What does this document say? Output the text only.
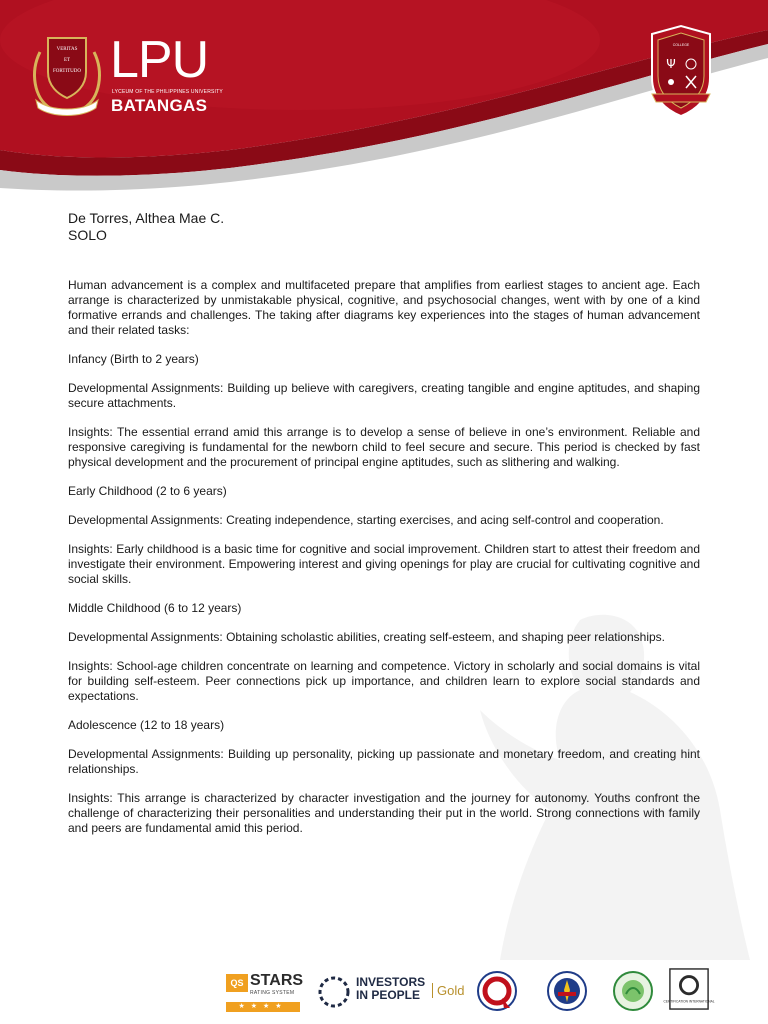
VERITAS
ET
FORTITUDO LPU
LYCEUM OF THE PHILIPPINES UNIVERSITY
BATANGAS
COLLEGE
Ψ
De Torres, Althea Mae C.
SOLO

Human advancement is a complex and multifaceted prepare that amplifies from earliest stages to ancient age. Each arrange is characterized by unmistakable physical, cognitive, and psychosocial changes, went with by one of a kind formative errands and challenges. The taking after diagrams key experiences into the stages of human advancement and their related tasks:

Infancy (Birth to 2 years)

Developmental Assignments: Building up believe with caregivers, creating tangible and engine aptitudes, and shaping secure attachments.

Insights: The essential errand amid this arrange is to develop a sense of believe in one’s environment. Reliable and responsive caregiving is fundamental for the newborn child to feel secure and secure. This period is checked by fast physical development and the procurement of principal engine aptitudes, such as slithering and walking.

Early Childhood (2 to 6 years)

Developmental Assignments: Creating independence, starting exercises, and acing self-control and cooperation.

Insights: Early childhood is a basic time for cognitive and social improvement. Children start to attest their freedom and investigate their environment. Empowering interest and giving openings for play are crucial for cultivating cognitive and social skills.

Middle Childhood (6 to 12 years)

Developmental Assignments: Obtaining scholastic abilities, creating self-esteem, and shaping peer relationships.

Insights: School-age children concentrate on learning and competence. Victory in scholarly and social domains is vital for building self-esteem. Peer connections pick up importance, and children learn to explore social standards and expectations.

Adolescence (12 to 18 years)

Developmental Assignments: Building up personality, picking up passionate and monetary freedom, and creating hint relationships.

Insights: This arrange is characterized by character investigation and the journey for autonomy. Youths confront the challenge of characterizing their personalities and understanding their put in the world. Strong connections with family and peers are fundamental amid this period.

QS STARS
RATING SYSTEM
★★★★
INVESTORS
IN PEOPLE	Gold
CERTIFICATION INTERNATIONAL
